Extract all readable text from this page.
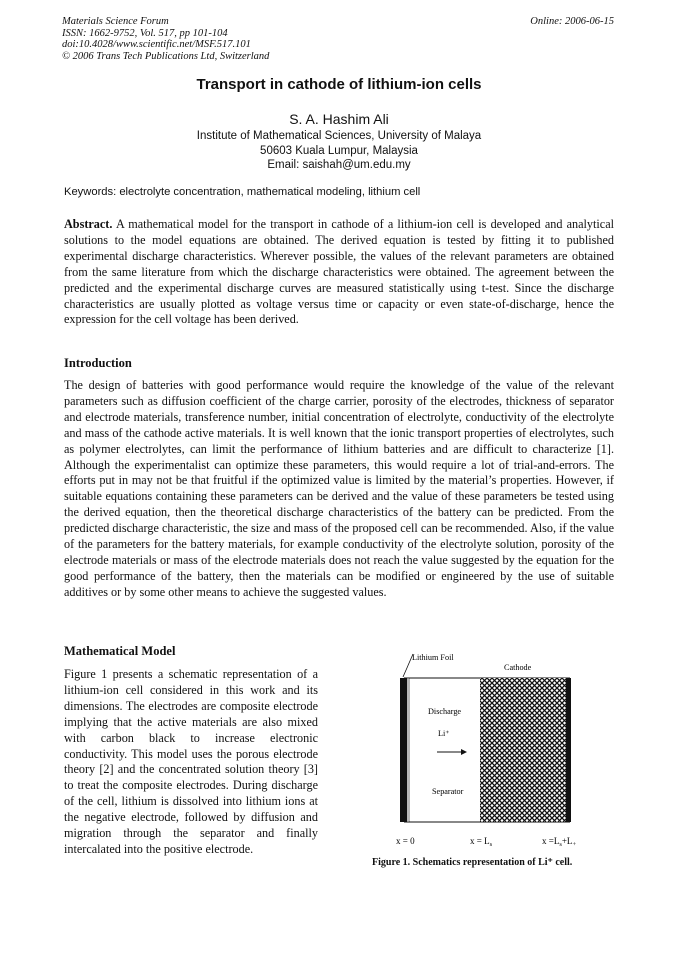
Materials Science Forum
ISSN: 1662-9752, Vol. 517, pp 101-104
doi:10.4028/www.scientific.net/MSF.517.101
© 2006 Trans Tech Publications Ltd, Switzerland
Online: 2006-06-15
Transport in cathode of lithium-ion cells
S. A. Hashim Ali
Institute of Mathematical Sciences, University of Malaya
50603 Kuala Lumpur, Malaysia
Email: saishah@um.edu.my
Keywords: electrolyte concentration, mathematical modeling, lithium cell

Abstract. A mathematical model for the transport in cathode of a lithium-ion cell is developed and analytical solutions to the model equations are obtained. The derived equation is tested by fitting it to published experimental discharge characteristics. Wherever possible, the values of the relevant parameters are obtained from the same literature from which the discharge characteristics were obtained. The agreement between the predicted and the experimental discharge curves are measured statistically using t-test. Since the discharge characteristics are usually plotted as voltage versus time or capacity or even state-of-discharge, hence the expression for the cell voltage has been derived.

Introduction

The design of batteries with good performance would require the knowledge of the value of the relevant parameters such as diffusion coefficient of the charge carrier, porosity of the electrodes, thickness of separator and electrode materials, transference number, initial concentration of electrolyte, conductivity of the electrolyte and mass of the cathode active materials. It is well known that the ionic transport properties of electrolytes, such as polymer electrolytes, can limit the performance of lithium batteries and are difficult to characterize [1]. Although the experimentalist can optimize these parameters, this would require a lot of trial-and-errors. The efforts put in may not be that fruitful if the optimized value is limited by the material’s properties. However, if suitable equations containing these parameters can be derived and the value of these parameters be tested using the derived equation, then the theoretical discharge characteristics of the battery can be predicted. From the predicted discharge characteristic, the size and mass of the proposed cell can be recommended. Also, if the value of the parameters for the battery materials, for example conductivity of the electrolyte solution, porosity of the electrode materials or mass of the electrode materials does not reach the value suggested by the equation for the good performance of the battery, then the materials can be modified or engineered by the use of suitable additives or by some other means to achieve the suggested values.

Mathematical Model

Figure 1 presents a schematic representation of a lithium-ion cell considered in this work and its dimensions. The electrodes are composite electrode implying that the active materials are also mixed with carbon black to increase electronic conductivity. This model uses the porous electrode theory [2] and the concentrated solution theory [3] to treat the composite electrodes. During discharge of the cell, lithium is dissolved into lithium ions at the negative electrode, followed by diffusion and migration through the separator and finally intercalated into the positive electrode.

Lithium Foil
Cathode
Discharge
Li⁺
Separator
x = 0	$x = L_s$	$x =L_s+L_+$
Figure 1. Schematics representation of Li⁺ cell.
